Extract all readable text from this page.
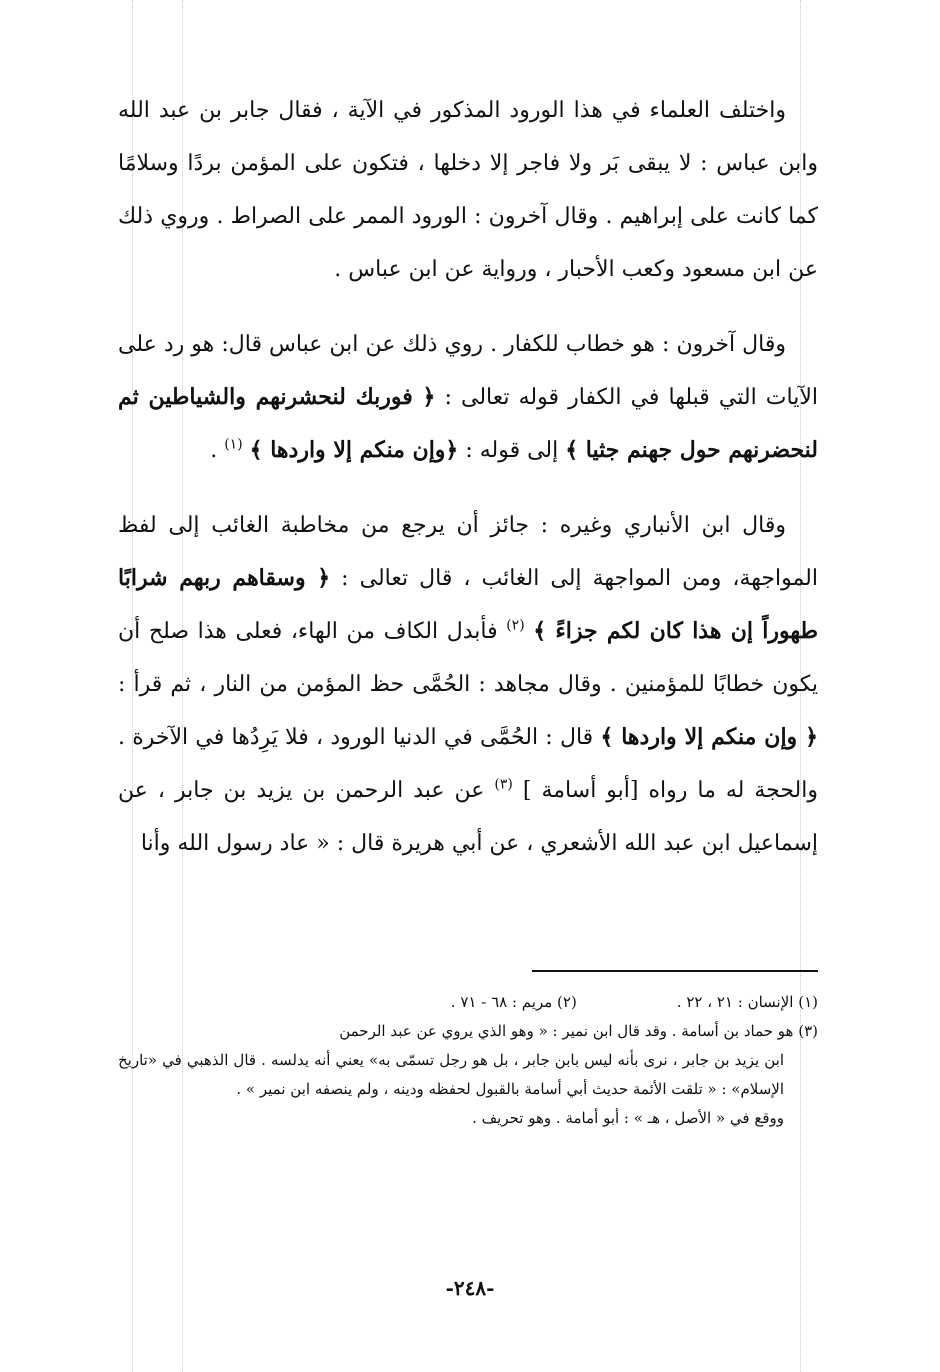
واختلف العلماء في هذا الورود المذكور في الآية ، فقال جابر بن عبد الله وابن عباس : لا يبقى بَر ولا فاجر إلا دخلها ، فتكون على المؤمن بردًا وسلامًا كما كانت على إبراهيم . وقال آخرون : الورود الممر على الصراط . وروي ذلك عن ابن مسعود وكعب الأحبار ، ورواية عن ابن عباس .

وقال آخرون : هو خطاب للكفار . روي ذلك عن ابن عباس قال: هو رد على الآيات التي قبلها في الكفار قوله تعالى : ﴿ فوربك لنحشرنهم والشياطين ثم لنحضرنهم حول جهنم جثيا ﴾ إلى قوله : ﴿وإن منكم إلا واردها ﴾ $^{(١)}$ .

وقال ابن الأنباري وغيره : جائز أن يرجع من مخاطبة الغائب إلى لفظ المواجهة، ومن المواجهة إلى الغائب ، قال تعالى : ﴿ وسقاهم ربهم شرابًا طهوراً إن هذا كان لكم جزاءً ﴾ $^{(٢)}$ فأبدل الكاف من الهاء، فعلى هذا صلح أن يكون خطابًا للمؤمنين . وقال مجاهد : الحُمَّى حظ المؤمن من النار ، ثم قرأ : ﴿ وإن منكم إلا واردها ﴾ قال : الحُمَّى في الدنيا الورود ، فلا يَرِدُها في الآخرة . والحجة له ما رواه [أبو أسامة ] $^{(٣)}$ عن عبد الرحمن بن يزيد بن جابر ، عن إسماعيل ابن عبد الله الأشعري ، عن أبي هريرة قال : « عاد رسول الله وأنا

(١) الإنسان : ٢١ ، ٢٢ .
(٢) مريم : ٦٨ - ٧١ .
(٣) هو حماد بن أسامة . وقد قال ابن نمير : « وهو الذي يروي عن عبد الرحمن
ابن يزيد بن جابر ، نرى بأنه ليس بابن جابر ، بل هو رجل تسمّى به» يعني أنه يدلسه . قال الذهبي في «تاريخ الإسلام» : « تلقت الأئمة حديث أبي أسامة بالقبول لحفظه ودينه ، ولم ينصفه ابن نمير » .
ووقع في « الأصل ، هـ » : أبو أمامة . وهو تحريف .
-٢٤٨-
